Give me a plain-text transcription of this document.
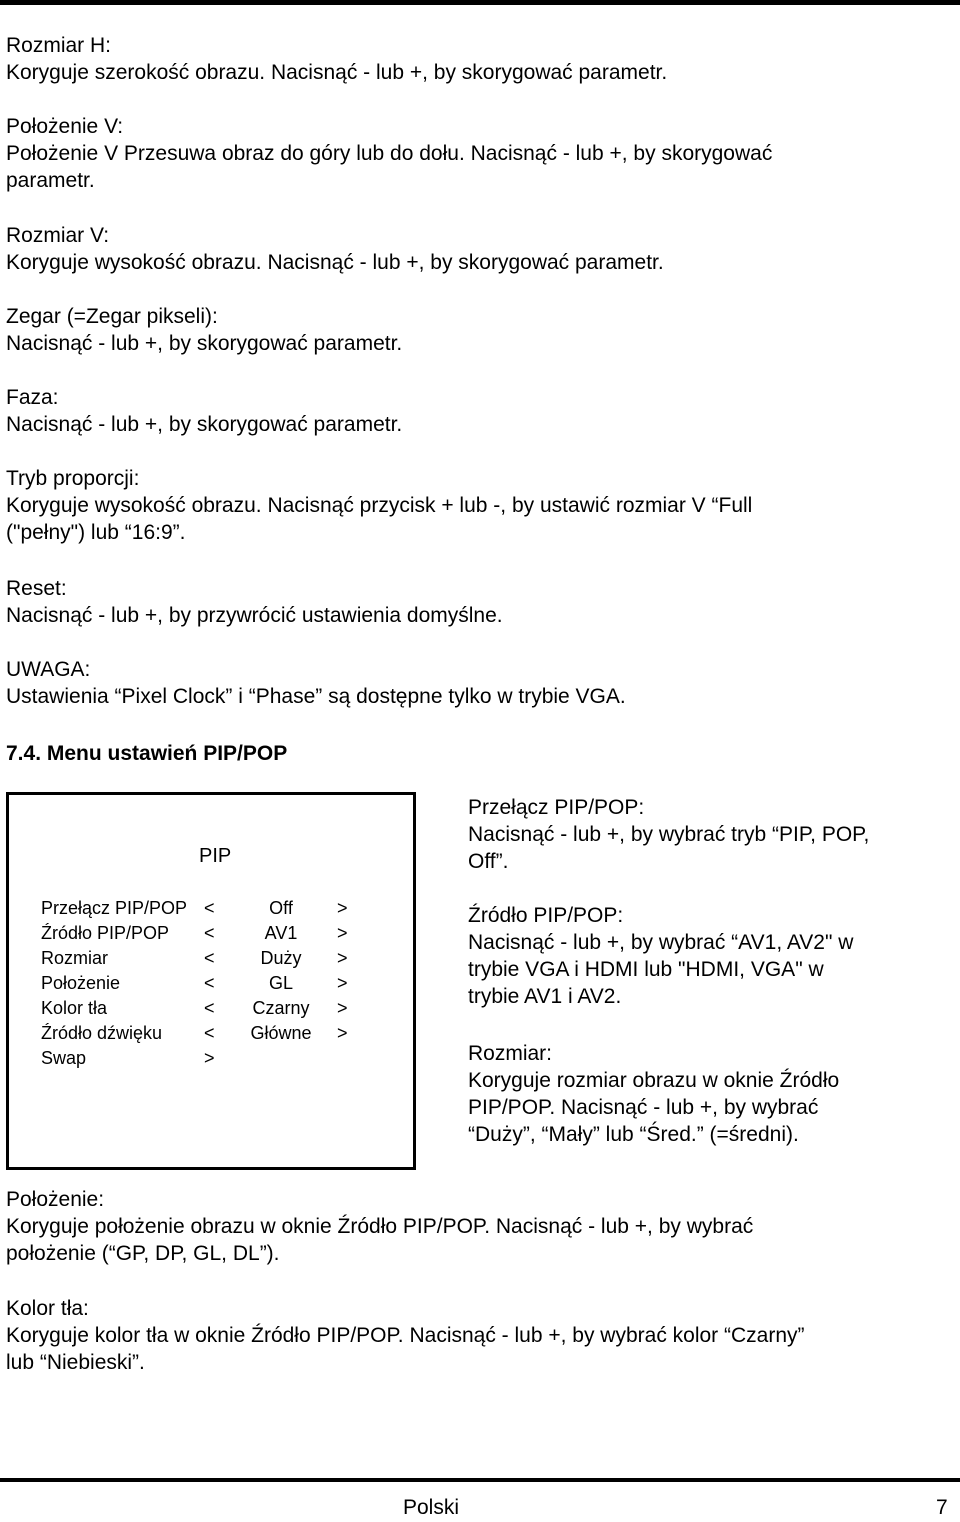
Rozmiar H:
Koryguje szerokość obrazu. Nacisnąć - lub +, by skorygować parametr.
Położenie V:
Położenie V Przesuwa obraz do góry lub do dołu. Nacisnąć - lub +, by skorygować
parametr.
Rozmiar V:
Koryguje wysokość obrazu. Nacisnąć - lub +, by skorygować parametr.
Zegar (=Zegar pikseli):
Nacisnąć - lub +, by skorygować parametr.
Faza:
Nacisnąć - lub +, by skorygować parametr.
Tryb proporcji:
Koryguje wysokość obrazu. Nacisnąć przycisk + lub -, by ustawić rozmiar V “Full
("pełny") lub “16:9”.
Reset:
Nacisnąć - lub +, by przywrócić ustawienia domyślne.
UWAGA:
Ustawienia “Pixel Clock” i “Phase” są dostępne tylko w trybie VGA.
7.4. Menu ustawień PIP/POP
PIP
Przełącz PIP/POP <	Off >
Źródło PIP/POP <	AV1 >
Rozmiar	<	Duży >
Położenie	<	GL >
Kolor tła	< Czarny >
Źródło dźwięku < Główne >
Swap	>
Przełącz PIP/POP:
Nacisnąć - lub +, by wybrać tryb “PIP, POP,
Off”.
Źródło PIP/POP:
Nacisnąć - lub +, by wybrać “AV1, AV2" w
trybie VGA i HDMI lub "HDMI, VGA" w
trybie AV1 i AV2.
Rozmiar:
Koryguje rozmiar obrazu w oknie Źródło
PIP/POP. Nacisnąć - lub +, by wybrać
“Duży”, “Mały” lub “Śred.” (=średni).
Położenie:
Koryguje położenie obrazu w oknie Źródło PIP/POP. Nacisnąć - lub +, by wybrać
położenie (“GP, DP, GL, DL”).
Kolor tła:
Koryguje kolor tła w oknie Źródło PIP/POP. Nacisnąć - lub +, by wybrać kolor “Czarny”
lub “Niebieski”.
Polski	7
